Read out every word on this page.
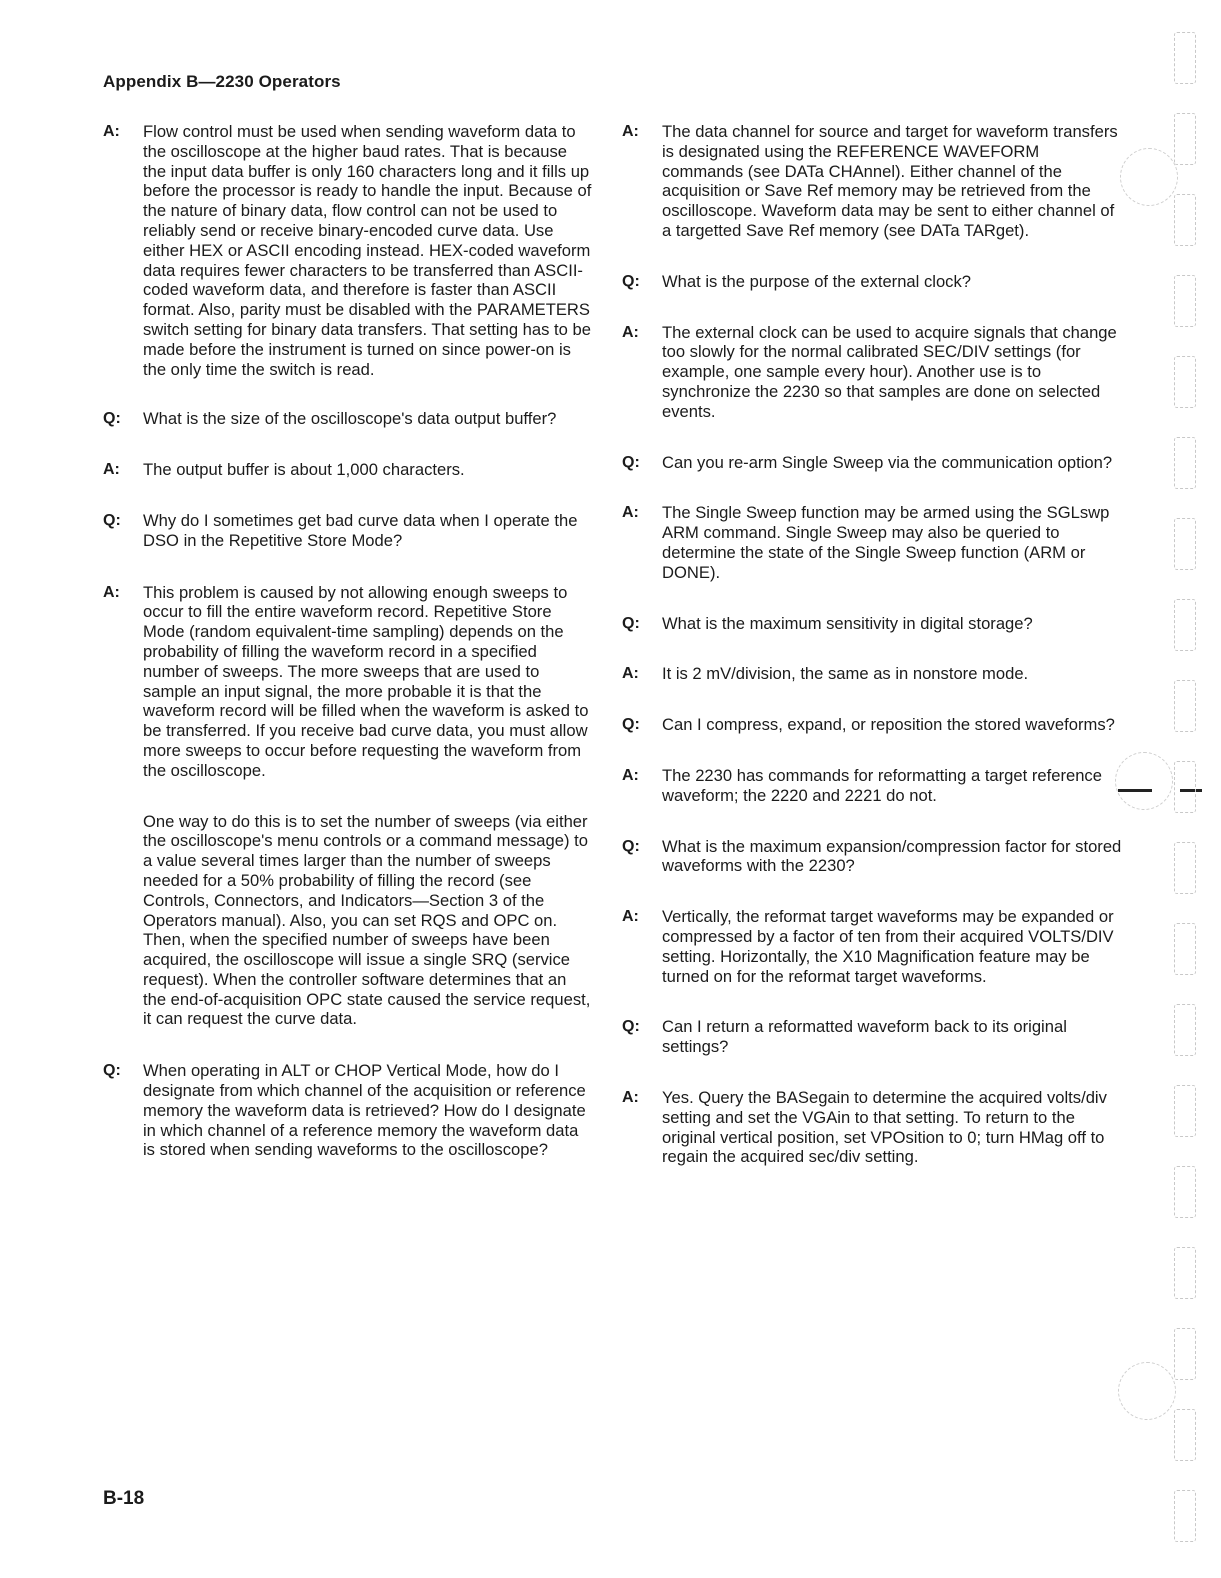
Appendix B—2230 Operators
A:	Flow control must be used when sending waveform data to the oscilloscope at the higher baud rates. That is because the input data buffer is only 160 characters long and it fills up before the processor is ready to handle the input. Because of the nature of binary data, flow control can not be used to reliably send or receive binary-encoded curve data. Use either HEX or ASCII encoding instead. HEX-coded waveform data requires fewer characters to be transferred than ASCII-coded waveform data, and therefore is faster than ASCII format. Also, parity must be disabled with the PARAMETERS switch setting for binary data transfers. That setting has to be made before the instrument is turned on since power-on is the only time the switch is read.

Q:	What is the size of the oscilloscope's data output buffer?

A:	The output buffer is about 1,000 characters.

Q:	Why do I sometimes get bad curve data when I operate the DSO in the Repetitive Store Mode?

A:	This problem is caused by not allowing enough sweeps to occur to fill the entire waveform record. Repetitive Store Mode (random equivalent-time sampling) depends on the probability of filling the waveform record in a specified number of sweeps. The more sweeps that are used to sample an input signal, the more probable it is that the waveform record will be filled when the waveform is asked to be transferred. If you receive bad curve data, you must allow more sweeps to occur before requesting the waveform from the oscilloscope.

One way to do this is to set the number of sweeps (via either the oscilloscope's menu controls or a command message) to a value several times larger than the number of sweeps needed for a 50% probability of filling the record (see Controls, Connectors, and Indicators—Section 3 of the Operators manual). Also, you can set RQS and OPC on. Then, when the specified number of sweeps have been acquired, the oscilloscope will issue a single SRQ (service request). When the controller software determines that an the end-of-acquisition OPC state caused the service request, it can request the curve data.

Q:	When operating in ALT or CHOP Vertical Mode, how do I designate from which channel of the acquisition or reference memory the waveform data is retrieved? How do I designate in which channel of a reference memory the waveform data is stored when sending waveforms to the oscilloscope?

A:	The data channel for source and target for waveform transfers is designated using the REFERENCE WAVEFORM commands (see DATa CHAnnel). Either channel of the acquisition or Save Ref memory may be retrieved from the oscilloscope. Waveform data may be sent to either channel of a targetted Save Ref memory (see DATa TARget).

Q:	What is the purpose of the external clock?

A:	The external clock can be used to acquire signals that change too slowly for the normal calibrated SEC/DIV settings (for example, one sample every hour). Another use is to synchronize the 2230 so that samples are done on selected events.

Q:	Can you re-arm Single Sweep via the communication option?

A:	The Single Sweep function may be armed using the SGLswp ARM command. Single Sweep may also be queried to determine the state of the Single Sweep function (ARM or DONE).

Q:	What is the maximum sensitivity in digital storage?

A:	It is 2 mV/division, the same as in nonstore mode.

Q:	Can I compress, expand, or reposition the stored waveforms?

A:	The 2230 has commands for reformatting a target reference waveform; the 2220 and 2221 do not.

Q:	What is the maximum expansion/compression factor for stored waveforms with the 2230?

A:	Vertically, the reformat target waveforms may be expanded or compressed by a factor of ten from their acquired VOLTS/DIV setting. Horizontally, the X10 Magnification feature may be turned on for the reformat target waveforms.

Q:	Can I return a reformatted waveform back to its original settings?

A:	Yes. Query the BASegain to determine the acquired volts/div setting and set the VGAin to that setting. To return to the original vertical position, set VPOsition to 0; turn HMag off to regain the acquired sec/div setting.

B-18
